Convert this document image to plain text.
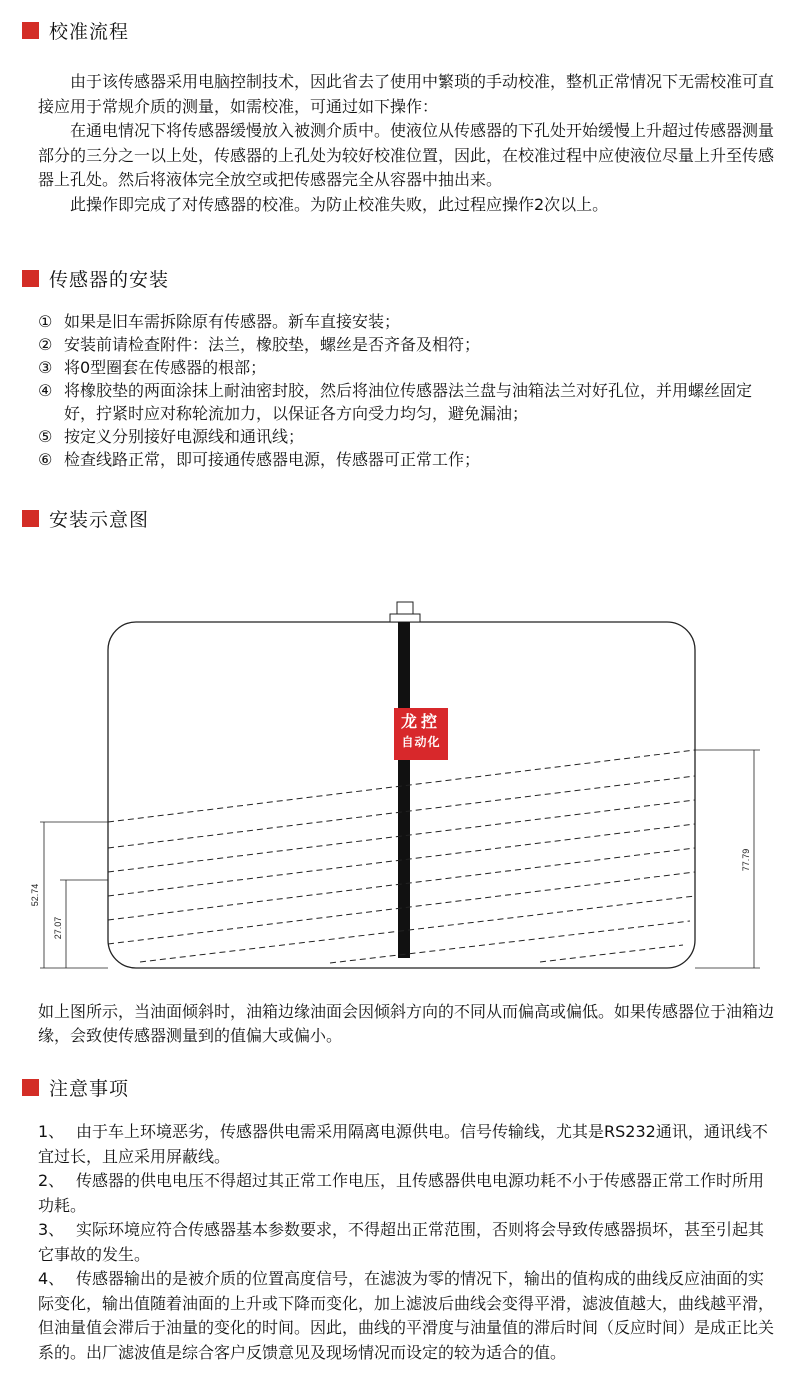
校准流程

由于该传感器采用电脑控制技术，因此省去了使用中繁琐的手动校准，整机正常情况下无需校准可直接应用于常规介质的测量，如需校准，可通过如下操作：

在通电情况下将传感器缓慢放入被测介质中。使液位从传感器的下孔处开始缓慢上升超过传感器测量部分的三分之一以上处，传感器的上孔处为较好校准位置，因此，在校准过程中应使液位尽量上升至传感器上孔处。然后将液体完全放空或把传感器完全从容器中抽出来。

此操作即完成了对传感器的校准。为防止校准失败，此过程应操作2次以上。

传感器的安装
① 如果是旧车需拆除原有传感器。新车直接安装；
② 安装前请检查附件：法兰，橡胶垫，螺丝是否齐备及相符；
③ 将0型圈套在传感器的根部；
④ 将橡胶垫的两面涂抹上耐油密封胶，然后将油位传感器法兰盘与油箱法兰对好孔位，并用螺丝固定好，拧紧时应对称轮流加力，以保证各方向受力均匀，避免漏油；
⑤ 按定义分别接好电源线和通讯线；
⑥ 检查线路正常，即可接通传感器电源，传感器可正常工作；
安装示意图
52.74
27.07
77.79
龙控
自动化
如上图所示，当油面倾斜时，油箱边缘油面会因倾斜方向的不同从而偏高或偏低。如果传感器位于油箱边缘，会致使传感器测量到的值偏大或偏小。
注意事项

1、 由于车上环境恶劣，传感器供电需采用隔离电源供电。信号传输线，尤其是RS232通讯，通讯线不宜过长，且应采用屏蔽线。

2、 传感器的供电电压不得超过其正常工作电压，且传感器供电电源功耗不小于传感器正常工作时所用功耗。

3、 实际环境应符合传感器基本参数要求，不得超出正常范围，否则将会导致传感器损坏，甚至引起其它事故的发生。

4、 传感器输出的是被介质的位置高度信号，在滤波为零的情况下，输出的值构成的曲线反应油面的实际变化，输出值随着油面的上升或下降而变化，加上滤波后曲线会变得平滑，滤波值越大，曲线越平滑，但油量值会滞后于油量的变化的时间。因此，曲线的平滑度与油量值的滞后时间（反应时间）是成正比关系的。出厂滤波值是综合客户反馈意见及现场情况而设定的较为适合的值。
